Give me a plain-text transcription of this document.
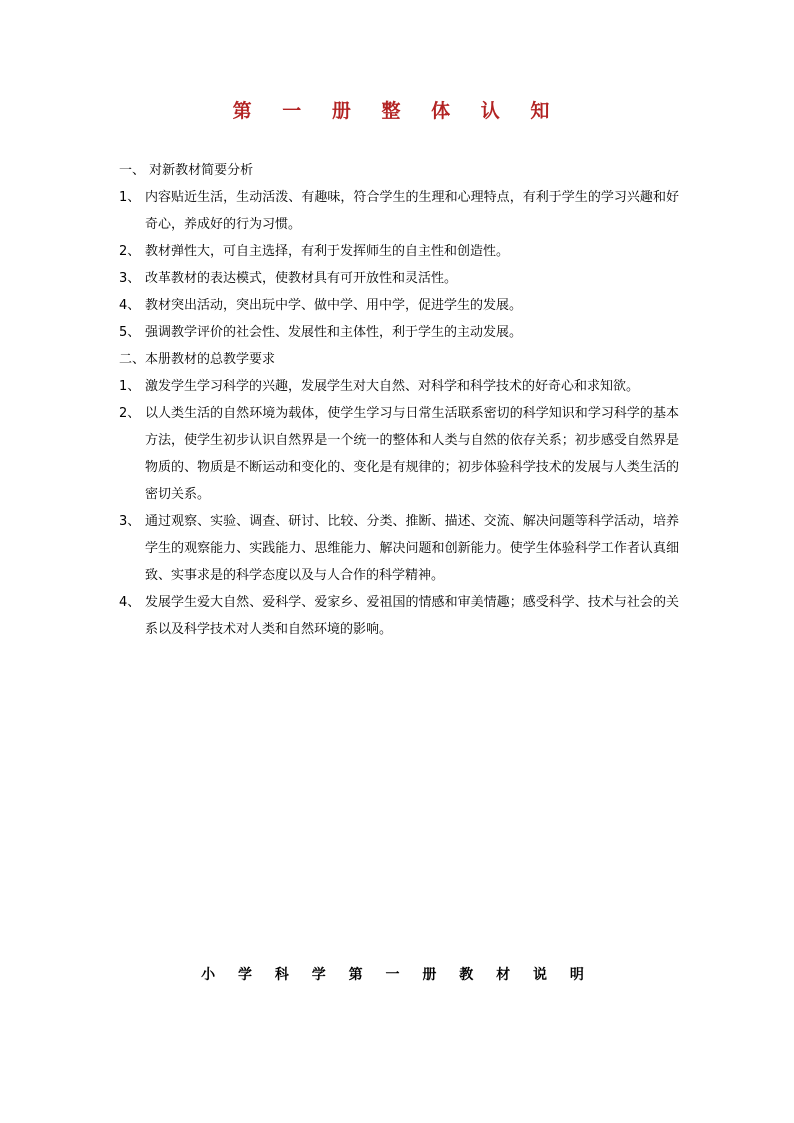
第 一 册 整 体 认 知
一、 对新教材简要分析
1、 内容贴近生活，生动活泼、有趣味，符合学生的生理和心理特点，有利于学生的学习兴趣和好奇心，养成好的行为习惯。
2、 教材弹性大，可自主选择，有利于发挥师生的自主性和创造性。
3、 改革教材的表达模式，使教材具有可开放性和灵活性。
4、 教材突出活动，突出玩中学、做中学、用中学，促进学生的发展。
5、 强调教学评价的社会性、发展性和主体性，利于学生的主动发展。
二、本册教材的总教学要求
1、 激发学生学习科学的兴趣，发展学生对大自然、对科学和科学技术的好奇心和求知欲。
2、 以人类生活的自然环境为载体，使学生学习与日常生活联系密切的科学知识和学习科学的基本方法，使学生初步认识自然界是一个统一的整体和人类与自然的依存关系；初步感受自然界是物质的、物质是不断运动和变化的、变化是有规律的；初步体验科学技术的发展与人类生活的密切关系。
3、 通过观察、实验、调查、研讨、比较、分类、推断、描述、交流、解决问题等科学活动，培养学生的观察能力、实践能力、思维能力、解决问题和创新能力。使学生体验科学工作者认真细致、实事求是的科学态度以及与人合作的科学精神。
4、 发展学生爱大自然、爱科学、爱家乡、爱祖国的情感和审美情趣；感受科学、技术与社会的关系以及科学技术对人类和自然环境的影响。
小 学 科 学 第 一 册 教 材 说 明
